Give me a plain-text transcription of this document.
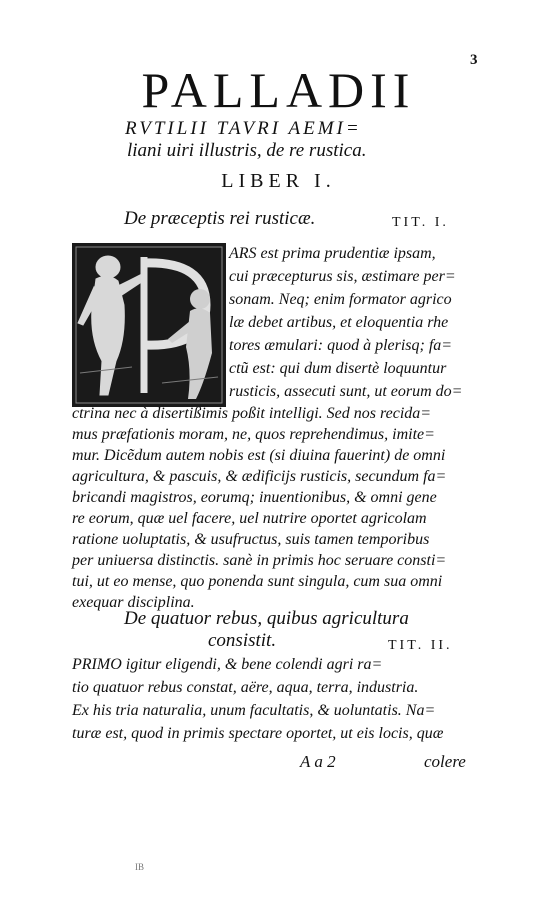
3
PALLADII
RVTILII TAVRI AEMI=
liani uiri illustris, de re rustica.
LIBER I.
De præceptis rei rusticæ.	TIT. I.
ARS est prima prudentiæ ipsam,
cui præcepturus sis, æstimare per=
sonam. Neq; enim formator agrico
læ debet artibus, et eloquentia rhe
tores æmulari: quod à plerisq; fa=
ctũ est: qui dum disertè loquuntur
rusticis, assecuti sunt, ut eorum do=
ctrina nec à disertißimis poßit intelligi. Sed nos recida=
mus præfationis moram, ne, quos reprehendimus, imite=
mur. Dicẽdum autem nobis est (si diuina fauerint) de omni
agricultura, & pascuis, & ædificijs rusticis, secundum fa=
bricandi magistros, eorumq; inuentionibus, & omni gene
re eorum, quæ uel facere, uel nutrire oportet agricolam
ratione uoluptatis, & usufructus, suis tamen temporibus
per uniuersa distinctis. sanè in primis hoc seruare consti=
tui, ut eo mense, quo ponenda sunt singula, cum sua omni
exequar disciplina.
De quatuor rebus, quibus agricultura
consistit.	TIT. II.
PRIMO igitur eligendi, & bene colendi agri ra=
tio quatuor rebus constat, aëre, aqua, terra, industria.
Ex his tria naturalia, unum facultatis, & uoluntatis. Na=
turæ est, quod in primis spectare oportet, ut eis locis, quæ
A a 2	colere
IB
